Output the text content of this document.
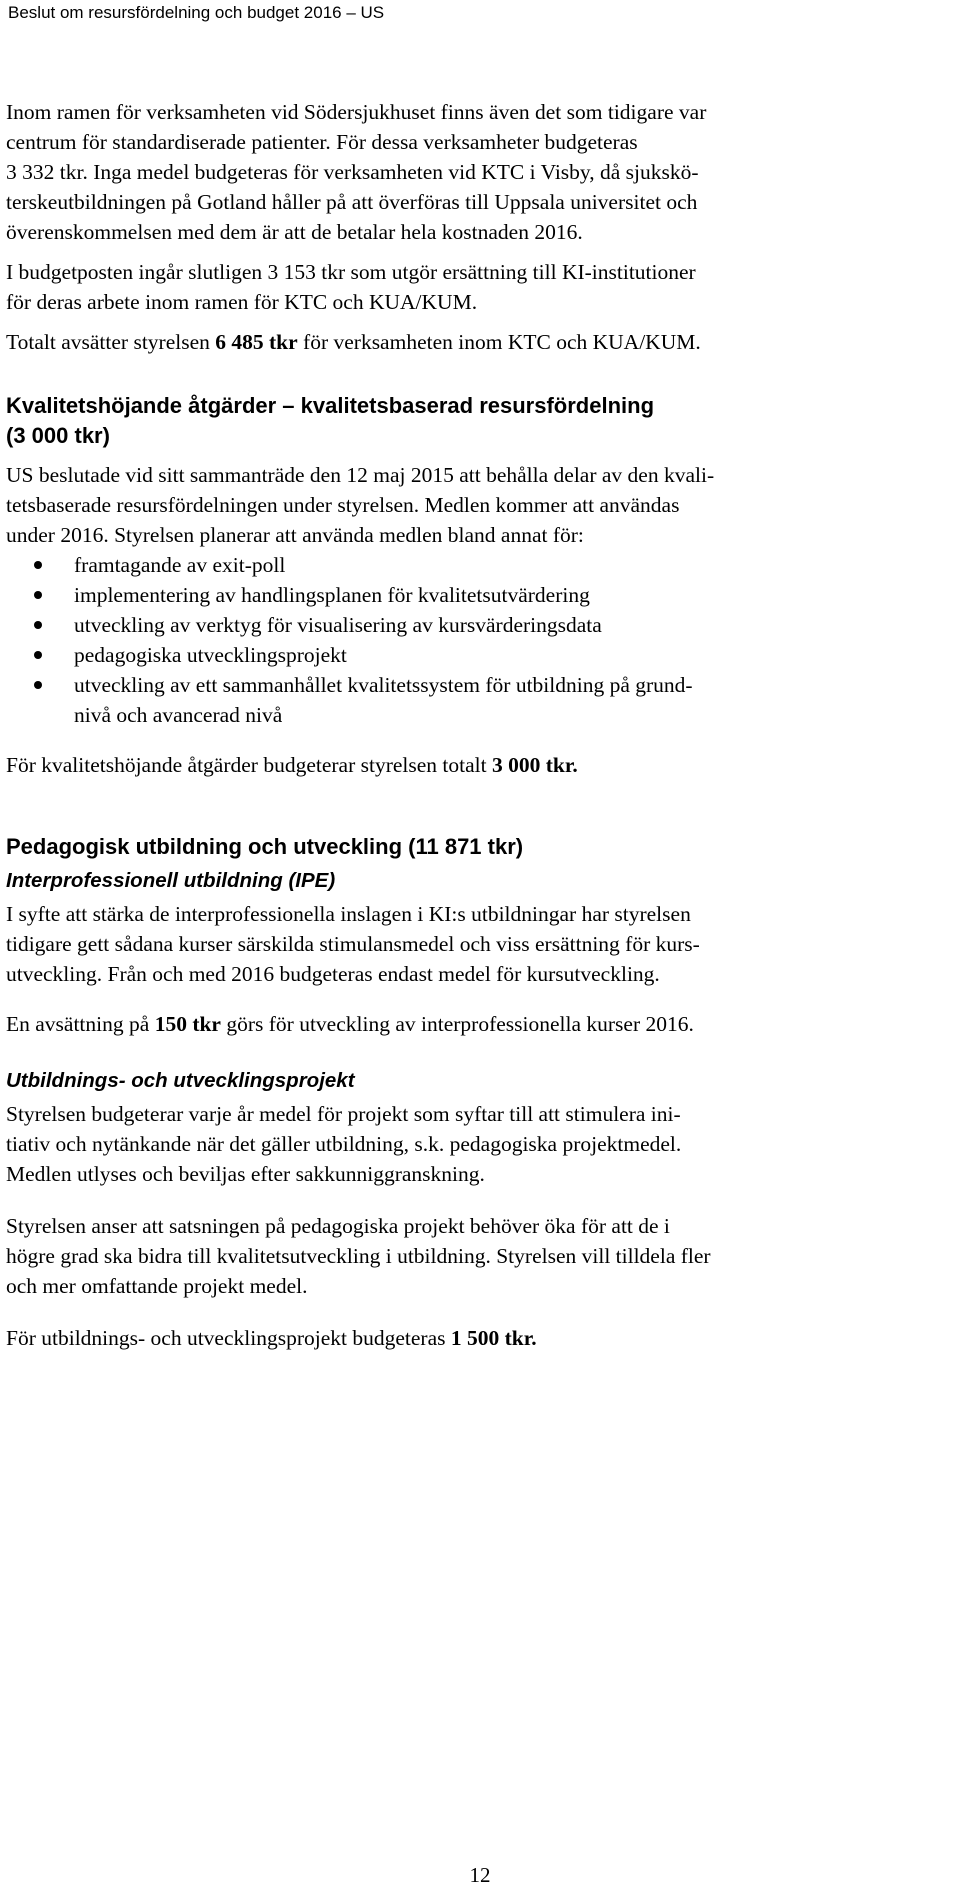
Beslut om resursfördelning och budget 2016 – US

Inom ramen för verksamheten vid Södersjukhuset finns även det som tidigare var
centrum för standardiserade patienter. För dessa verksamheter budgeteras
3 332 tkr. Inga medel budgeteras för verksamheten vid KTC i Visby, då sjukskö-
terskeutbildningen på Gotland håller på att överföras till Uppsala universitet och
överenskommelsen med dem är att de betalar hela kostnaden 2016.

I budgetposten ingår slutligen 3 153 tkr som utgör ersättning till KI-institutioner
för deras arbete inom ramen för KTC och KUA/KUM.

Totalt avsätter styrelsen 6 485 tkr för verksamheten inom KTC och KUA/KUM.

Kvalitetshöjande åtgärder – kvalitetsbaserad resursfördelning
(3 000 tkr)

US beslutade vid sitt sammanträde den 12 maj 2015 att behålla delar av den kvali-
tetsbaserade resursfördelningen under styrelsen. Medlen kommer att användas
under 2016. Styrelsen planerar att använda medlen bland annat för:

framtagande av exit-poll
implementering av handlingsplanen för kvalitetsutvärdering
utveckling av verktyg för visualisering av kursvärderingsdata
pedagogiska utvecklingsprojekt
utveckling av ett sammanhållet kvalitetssystem för utbildning på grund-
nivå och avancerad nivå

För kvalitetshöjande åtgärder budgeterar styrelsen totalt 3 000 tkr.

Pedagogisk utbildning och utveckling (11 871 tkr)
Interprofessionell utbildning (IPE)

I syfte att stärka de interprofessionella inslagen i KI:s utbildningar har styrelsen
tidigare gett sådana kurser särskilda stimulansmedel och viss ersättning för kurs-
utveckling. Från och med 2016 budgeteras endast medel för kursutveckling.

En avsättning på 150 tkr görs för utveckling av interprofessionella kurser 2016.

Utbildnings- och utvecklingsprojekt

Styrelsen budgeterar varje år medel för projekt som syftar till att stimulera ini-
tiativ och nytänkande när det gäller utbildning, s.k. pedagogiska projektmedel.
Medlen utlyses och beviljas efter sakkunniggranskning.

Styrelsen anser att satsningen på pedagogiska projekt behöver öka för att de i
högre grad ska bidra till kvalitetsutveckling i utbildning. Styrelsen vill tilldela fler
och mer omfattande projekt medel.

För utbildnings- och utvecklingsprojekt budgeteras 1 500 tkr.

12
